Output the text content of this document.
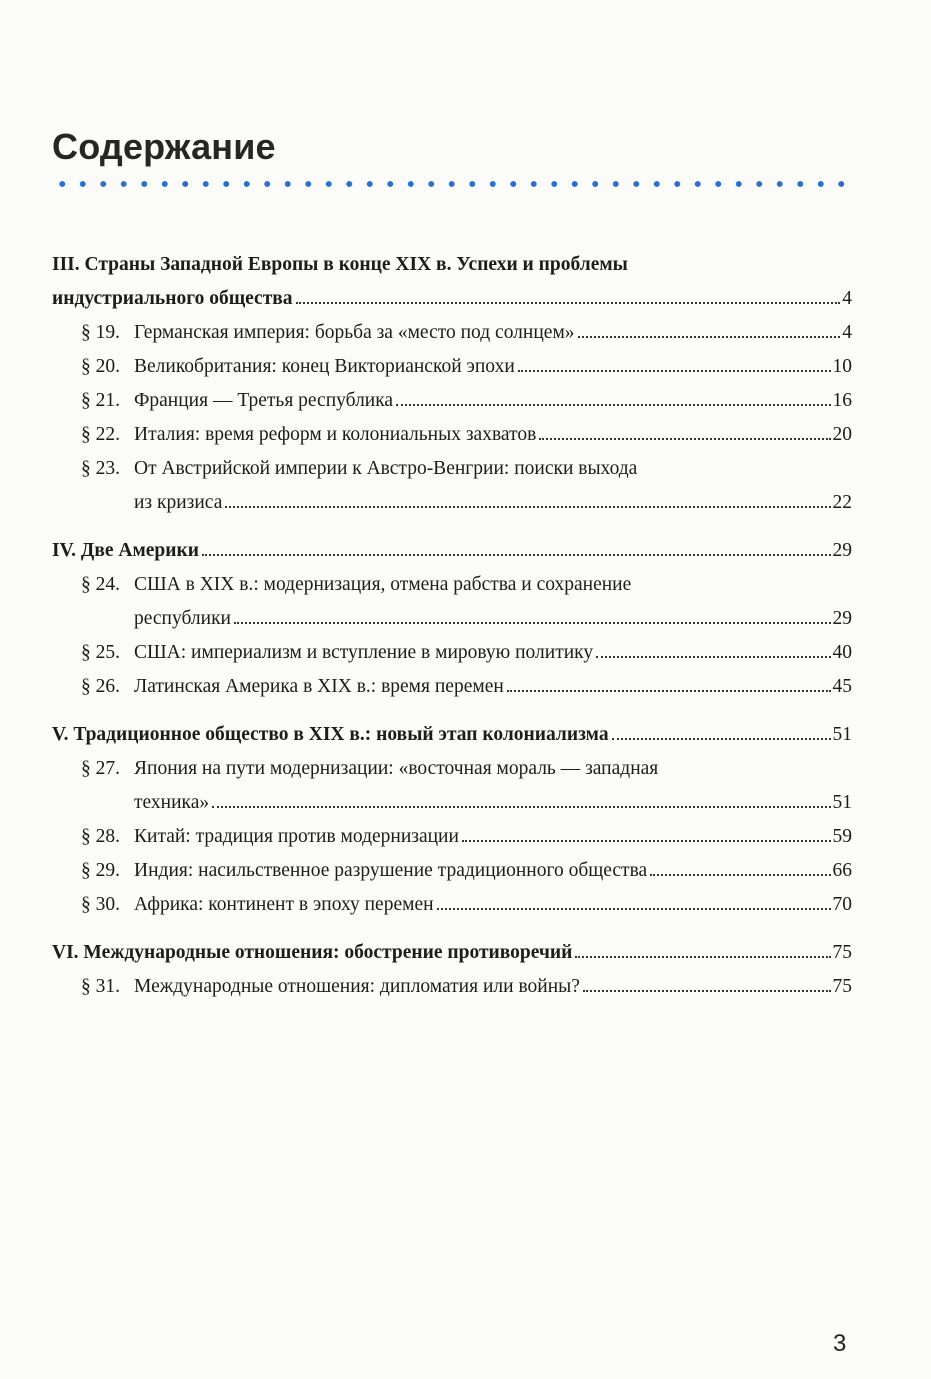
Содержание
III. Страны Западной Европы в конце XIX в. Успехи и проблемы
индустриального общества	4
§ 19. Германская империя: борьба за «место под солнцем»	4
§ 20. Великобритания: конец Викторианской эпохи	10
§ 21. Франция — Третья республика	16
§ 22. Италия: время реформ и колониальных захватов	20
§ 23. От Австрийской империи к Австро-Венгрии: поиски выхода
из кризиса	22
IV. Две Америки	29
§ 24. США в XIX в.: модернизация, отмена рабства и сохранение
республики	29
§ 25. США: империализм и вступление в мировую политику	40
§ 26. Латинская Америка в XIX в.: время перемен	45
V. Традиционное общество в XIX в.: новый этап колониализма	51
§ 27. Япония на пути модернизации: «восточная мораль — западная
техника»	51
§ 28. Китай: традиция против модернизации	59
§ 29. Индия: насильственное разрушение традиционного общества	66
§ 30. Африка: континент в эпоху перемен	70
VI. Международные отношения: обострение противоречий	75
§ 31. Международные отношения: дипломатия или войны?	75
3
